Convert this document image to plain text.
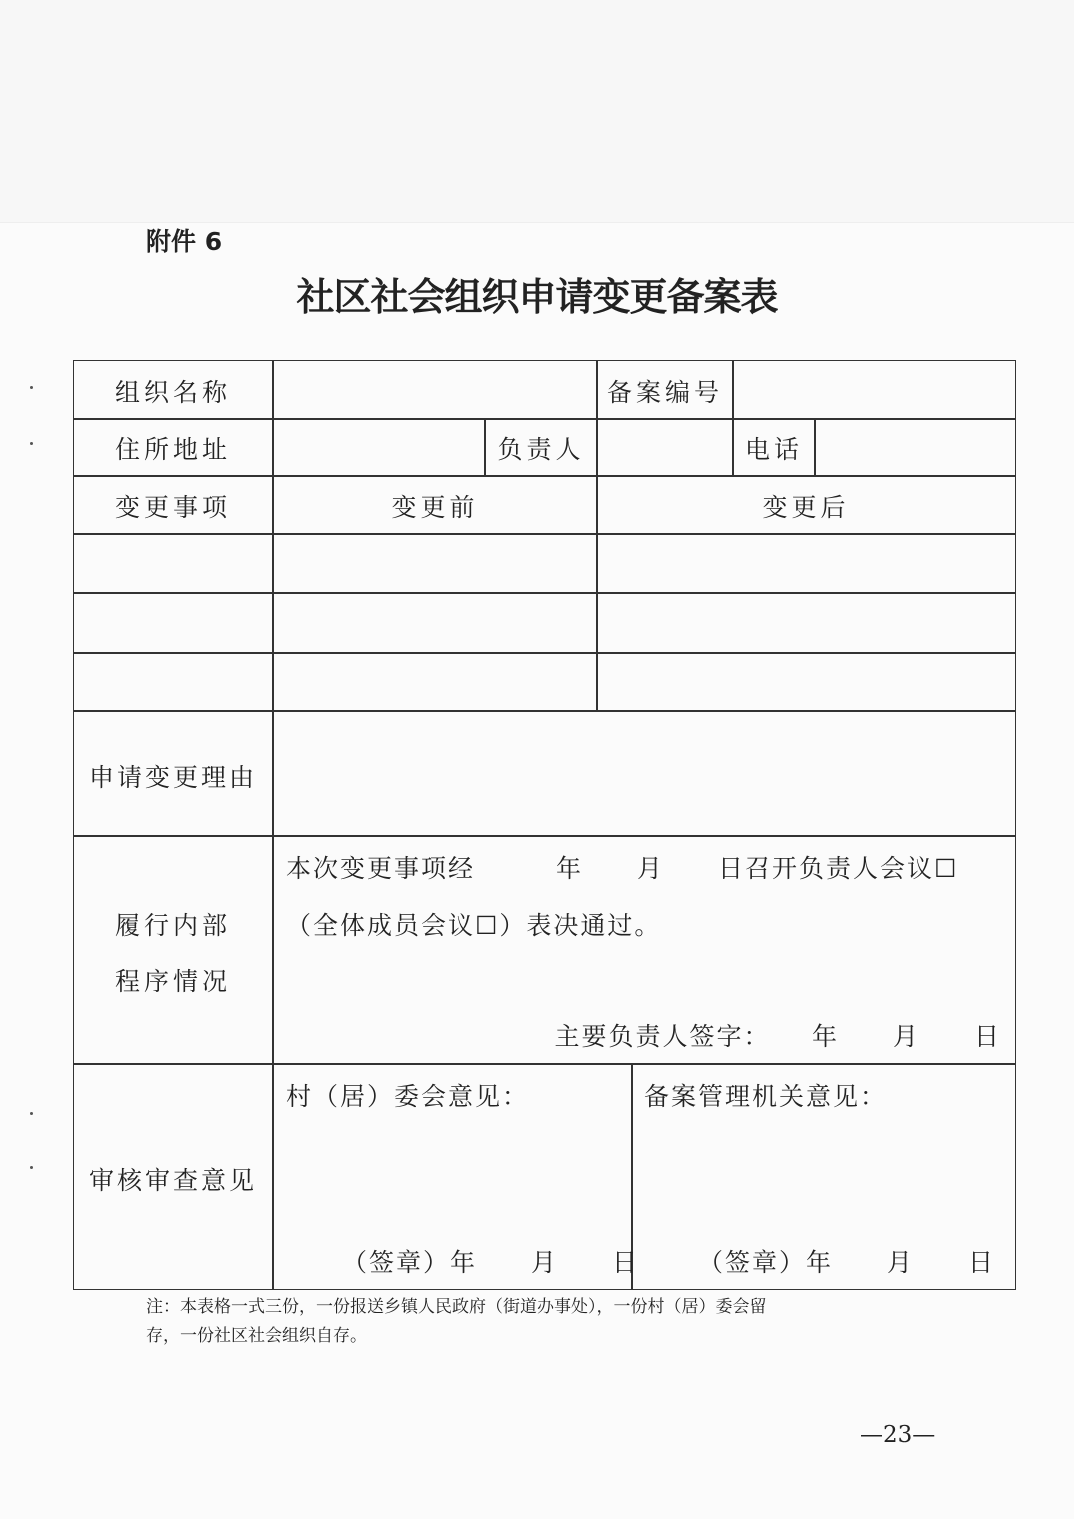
附件 6
社区社会组织申请变更备案表
组织名称	备案编号
住所地址	负责人	电话
变更事项	变更前	变更后
申请变更理由
履行内部
程序情况
本次变更事项经　　　年　　月　　日召开负责人会议☐
（全体成员会议☐）表决通过。
主要负责人签字：　　年　　月　　日
审核审查意见
村（居）委会意见：	备案管理机关意见：
（签章）年　　月　　日 （签章）年　　月　　日
注：本表格一式三份，一份报送乡镇人民政府（街道办事处），一份村（居）委会留
存，一份社区社会组织自存。
—23—
